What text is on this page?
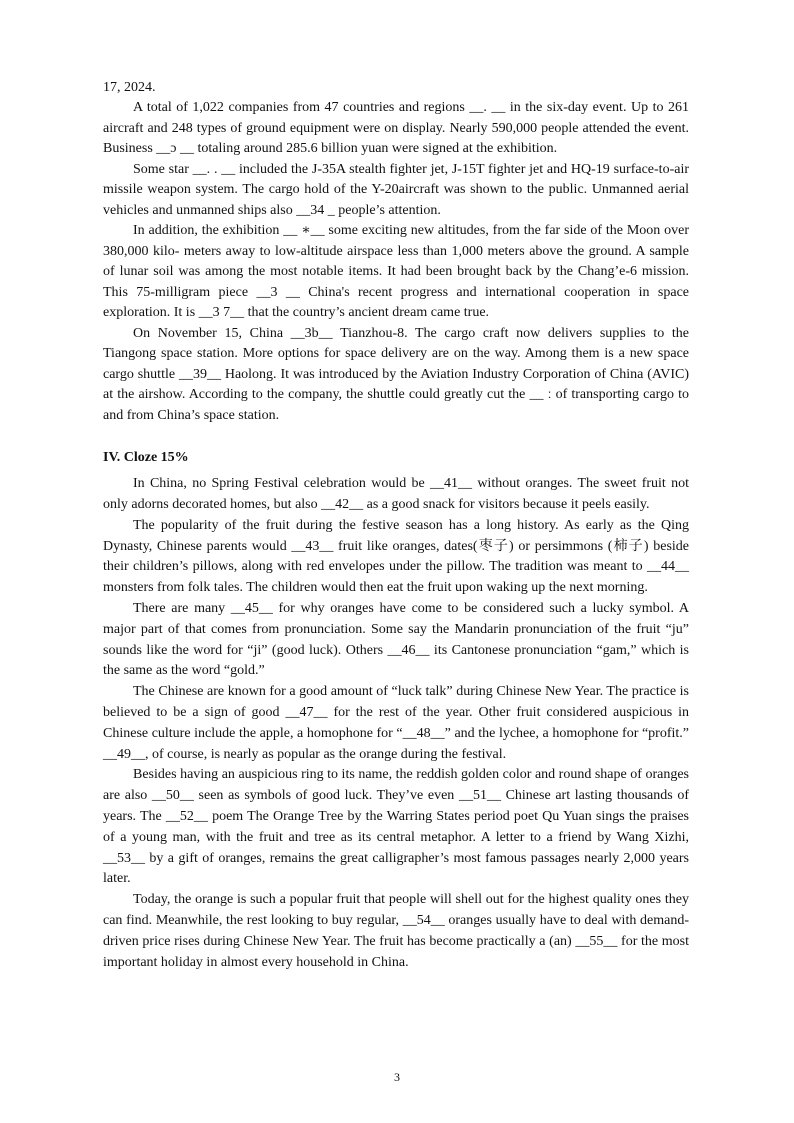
17, 2024.

A total of 1,022 companies from 47 countries and regions __. __ in the six-day event. Up to 261 aircraft and 248 types of ground equipment were on display. Nearly 590,000 people attended the event. Business __ɔ __ totaling around 285.6 billion yuan were signed at the exhibition.

Some star __. . __ included the J-35A stealth fighter jet, J-15T fighter jet and HQ-19 surface-to-air missile weapon system. The cargo hold of the Y-20aircraft was shown to the public. Unmanned aerial vehicles and unmanned ships also __34 _ people’s attention.

In addition, the exhibition __ ∗__ some exciting new altitudes, from the far side of the Moon over 380,000 kilo- meters away to low-altitude airspace less than 1,000 meters above the ground. A sample of lunar soil was among the most notable items. It had been brought back by the Chang’e-6 mission. This 75-milligram piece __3 __ China's recent progress and international cooperation in space exploration. It is __3 7__ that the country’s ancient dream came true.

On November 15, China __3b__ Tianzhou-8. The cargo craft now delivers supplies to the Tiangong space station. More options for space delivery are on the way. Among them is a new space cargo shuttle __39__ Haolong. It was introduced by the Aviation Industry Corporation of China (AVIC) at the airshow. According to the company, the shuttle could greatly cut the __ ː of transporting cargo to and from China’s space station.

IV. Cloze 15%

In China, no Spring Festival celebration would be __41__ without oranges. The sweet fruit not only adorns decorated homes, but also __42__ as a good snack for visitors because it peels easily.

The popularity of the fruit during the festive season has a long history. As early as the Qing Dynasty, Chinese parents would __43__ fruit like oranges, dates(枣子) or persimmons (柿子) beside their children’s pillows, along with red envelopes under the pillow. The tradition was meant to __44__ monsters from folk tales. The children would then eat the fruit upon waking up the next morning.

There are many __45__ for why oranges have come to be considered such a lucky symbol. A major part of that comes from pronunciation. Some say the Mandarin pronunciation of the fruit “ju” sounds like the word for “ji” (good luck). Others __46__ its Cantonese pronunciation “gam,” which is the same as the word “gold.”

The Chinese are known for a good amount of “luck talk” during Chinese New Year. The practice is believed to be a sign of good __47__ for the rest of the year. Other fruit considered auspicious in Chinese culture include the apple, a homophone for “__48__” and the lychee, a homophone for “profit.” __49__, of course, is nearly as popular as the orange during the festival.

Besides having an auspicious ring to its name, the reddish golden color and round shape of oranges are also __50__ seen as symbols of good luck. They’ve even __51__ Chinese art lasting thousands of years. The __52__ poem The Orange Tree by the Warring States period poet Qu Yuan sings the praises of a young man, with the fruit and tree as its central metaphor. A letter to a friend by Wang Xizhi, __53__ by a gift of oranges, remains the great calligrapher’s most famous passages nearly 2,000 years later.

Today, the orange is such a popular fruit that people will shell out for the highest quality ones they can find. Meanwhile, the rest looking to buy regular, __54__ oranges usually have to deal with demand-driven price rises during Chinese New Year. The fruit has become practically a (an) __55__ for the most important holiday in almost every household in China.

3
